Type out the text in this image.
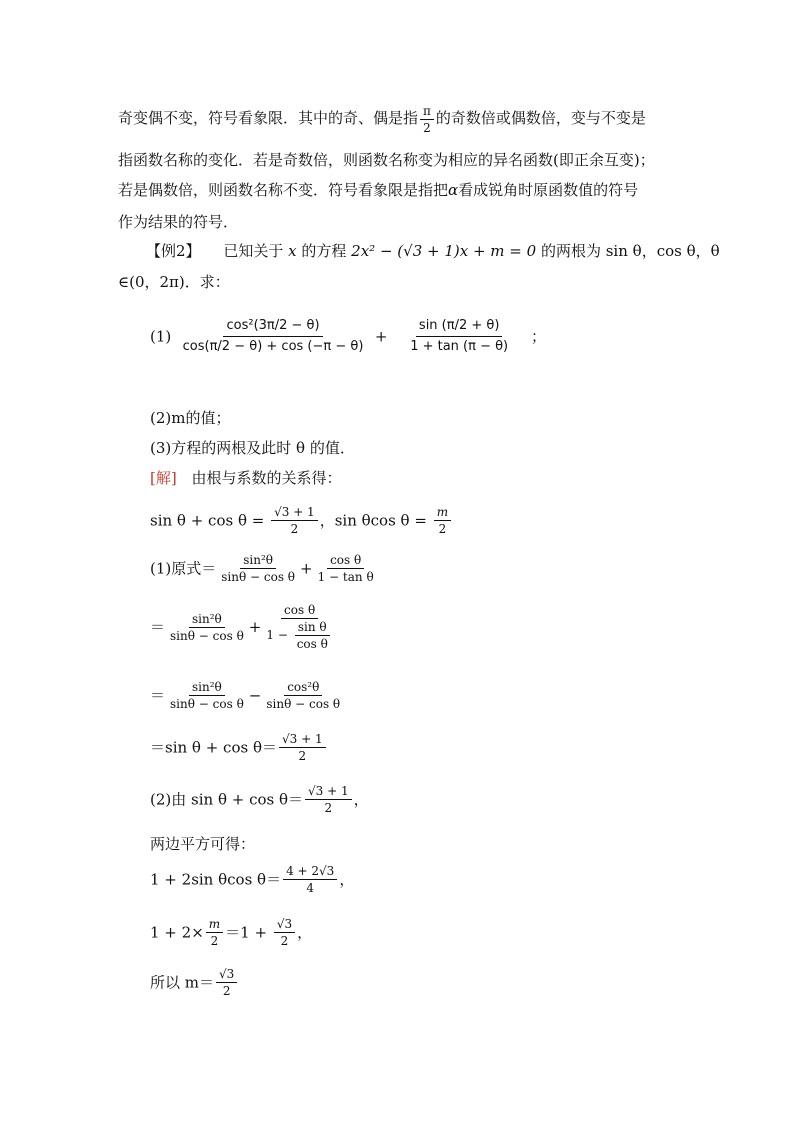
奇变偶不变，符号看象限．其中的奇、偶是指 $\frac{\pi}{2}$ 的奇数倍或偶数倍，变与不变是
指函数名称的变化．若是奇数倍，则函数名称变为相应的异名函数(即正余互变)；
若是偶数倍，则函数名称不变．符号看象限是指把α看成锐角时原函数值的符号
作为结果的符号．
【例2】 已知关于 x 的方程 2x² − (√3 + 1)x + m = 0 的两根为 sin θ，cos θ，θ
∈(0，2π)．求：
$(1) \frac{\text{cos²(3π/2 − θ)}}{\cos(\pi/2 - \theta) + \cos (-\pi - \theta)} + \frac{\sin (\pi/2 + \theta)}{1 + \tan (\pi - \theta)}$ ；
(2)m的值；
(3)方程的两根及此时 θ 的值．
[解] 由根与系数的关系得：
$\sin \theta + \cos \theta = \frac{√3 + 1}{2}$ ，sin θcos $\theta = \frac{m}{2}$
(1)原式＝ $\frac{\text{sin²θ}}{\text{sinθ − cos θ}} + \frac{\text{cos θ}}{\text{1 − tan θ}}$
＝ $\frac{\text{sin²θ}}{\text{sinθ − cos θ}} + \frac{\text{cos θ}}{1 - \frac{\text{sin θ}}{\text{cos θ}}}$
＝ $\frac{\text{sin²θ}}{\text{sinθ − cos θ}} - \frac{\text{cos²θ}}{\text{sinθ − cos θ}}$
＝sin $\theta + \cos \theta= \frac{√3 + 1}{2}$
(2)由 $\sin \theta + \cos \theta= \frac{√3 + 1}{2}$ ，
两边平方可得：
1 + 2sin θcos $\theta= \frac{4 + 2√3}{4}$ ，
$1 + 2\times \frac{m}{2} =1 + \frac{√3}{2}$ ，
所以 $m= \frac{√3}{2}$
